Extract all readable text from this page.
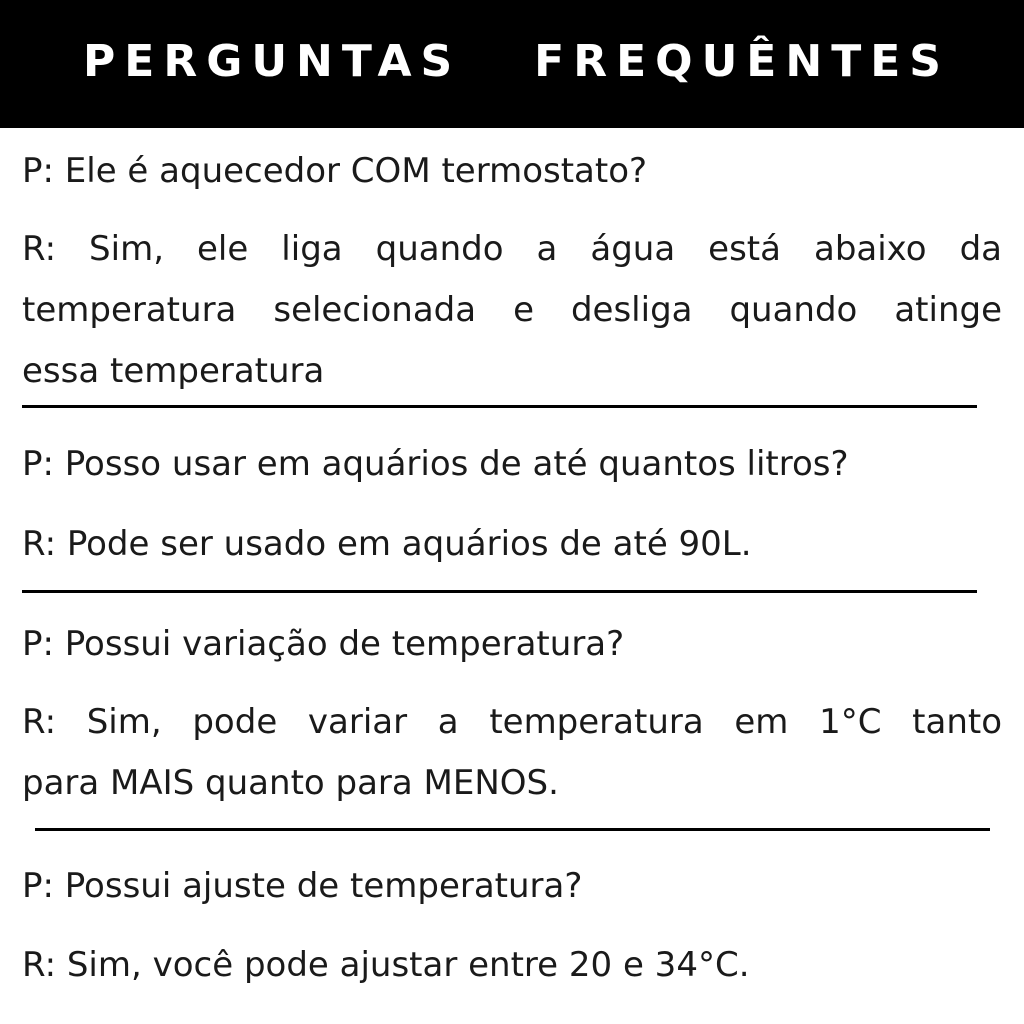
PERGUNTAS   FREQUÊNTES
P: Ele é aquecedor COM termostato?
R: Sim, ele liga quando a água está abaixo da
temperatura selecionada e desliga quando atinge
essa temperatura
P: Posso usar em aquários de até quantos litros?
R: Pode ser usado em aquários de até 90L.
P: Possui variação de temperatura?
R: Sim, pode variar a temperatura em 1°C tanto
para MAIS quanto para MENOS.
P: Possui ajuste de temperatura?
R: Sim, você pode ajustar entre 20 e 34°C.
